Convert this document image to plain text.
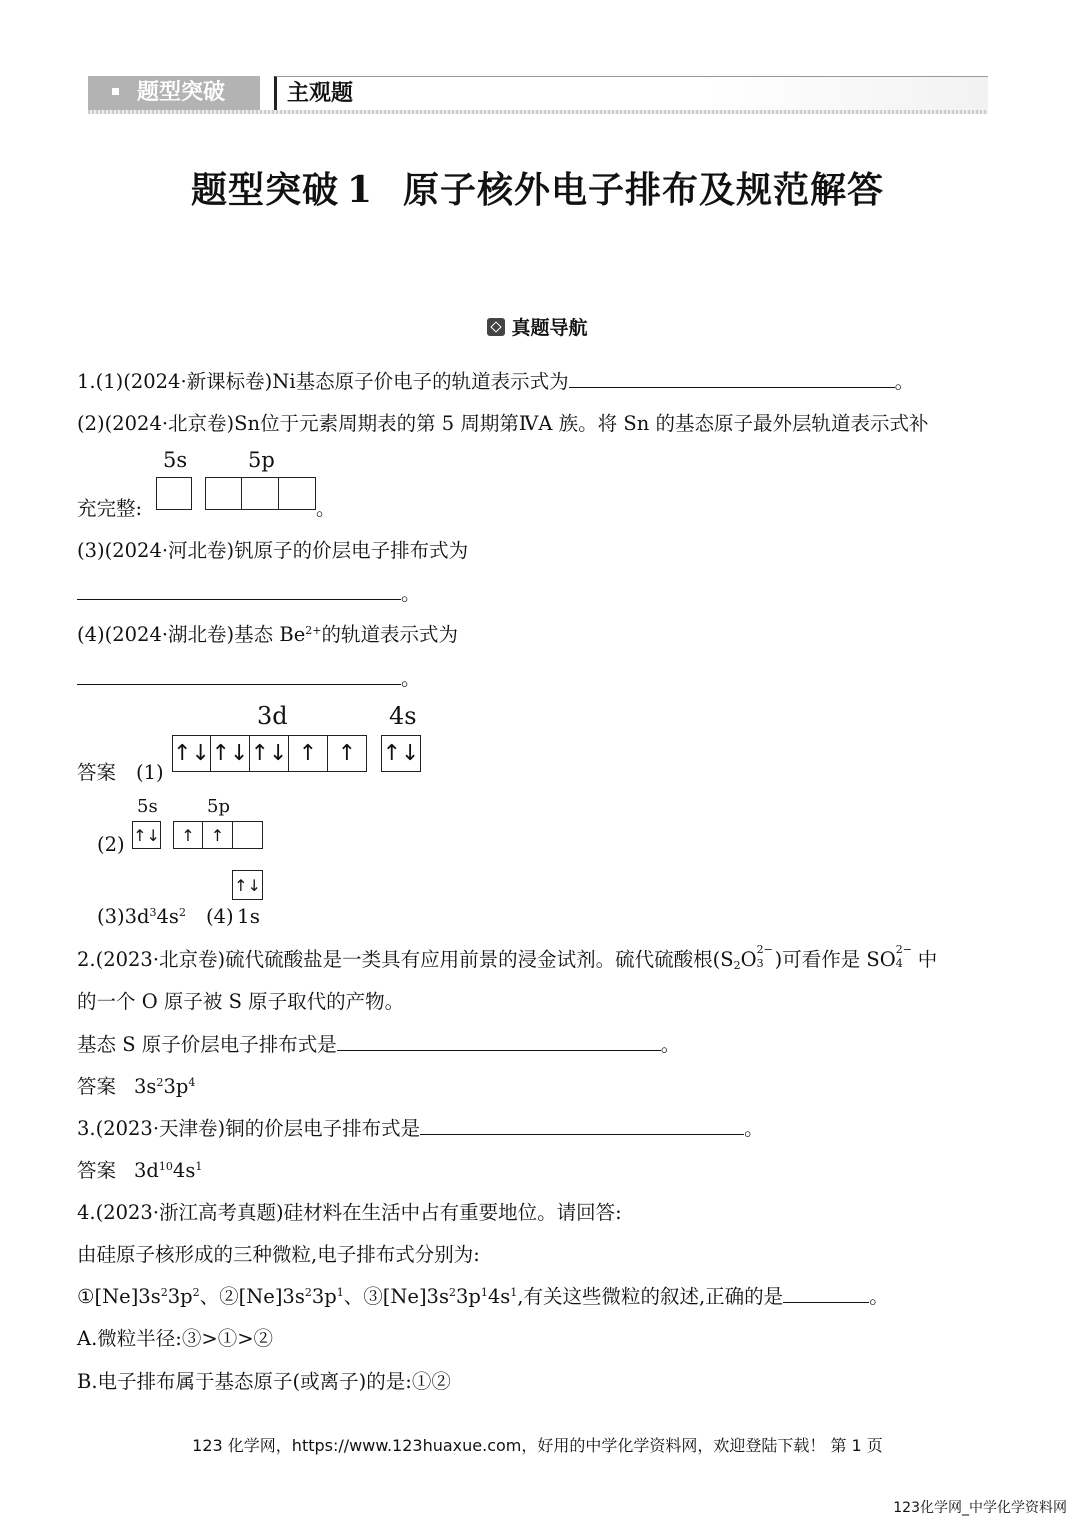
题型突破	主观题
题型突破 1 原子核外电子排布及规范解答
真题导航
1.(1)(2024·新课标卷)Ni基态原子价电子的轨道表示式为	。
(2)(2024·北京卷)Sn位于元素周期表的第 5 周期第ⅣA 族。将 Sn 的基态原子最外层轨道表示式补
5s	5p
充完整:	。
(3)(2024·河北卷)钒原子的价层电子排布式为
。
(4)(2024·湖北卷)基态 $Be^{2+}$的轨道表示式为
。
3d	4s
答案 (1)
↑↓ ↑↓ ↑↓ ↑ ↑	↑↓
5s	5p
(2) ↑↓	↑	↑
↑↓
$(3)3d^34s^2$ (4) 1s
2.(2023·北京卷)硫代硫酸盐是一类具有应用前景的浸金试剂。硫代硫酸根($S_2O$ 2−
3 )可看作是 SO 2−
4 中
的一个 O 原子被 S 原子取代的产物。
基态 S 原子价层电子排布式是	。
答案 $3s^23p^4$
3.(2023·天津卷)铜的价层电子排布式是	。
答案 $3d^{10}4s^1$
4.(2023·浙江高考真题)硅材料在生活中占有重要地位。请回答:
由硅原子核形成的三种微粒,电子排布式分别为:
$①[Ne]3s^23p^2$、$②[Ne]3s^23p^1$、$③[Ne]3s^23p^14s^1$,有关这些微粒的叙述,正确的是	。
A.微粒半径:③>①>②
B.电子排布属于基态原子(或离子)的是:①②
123 化学网，https://www.123huaxue.com，好用的中学化学资料网，欢迎登陆下载！ 第 1 页
123化学网_中学化学资料网
